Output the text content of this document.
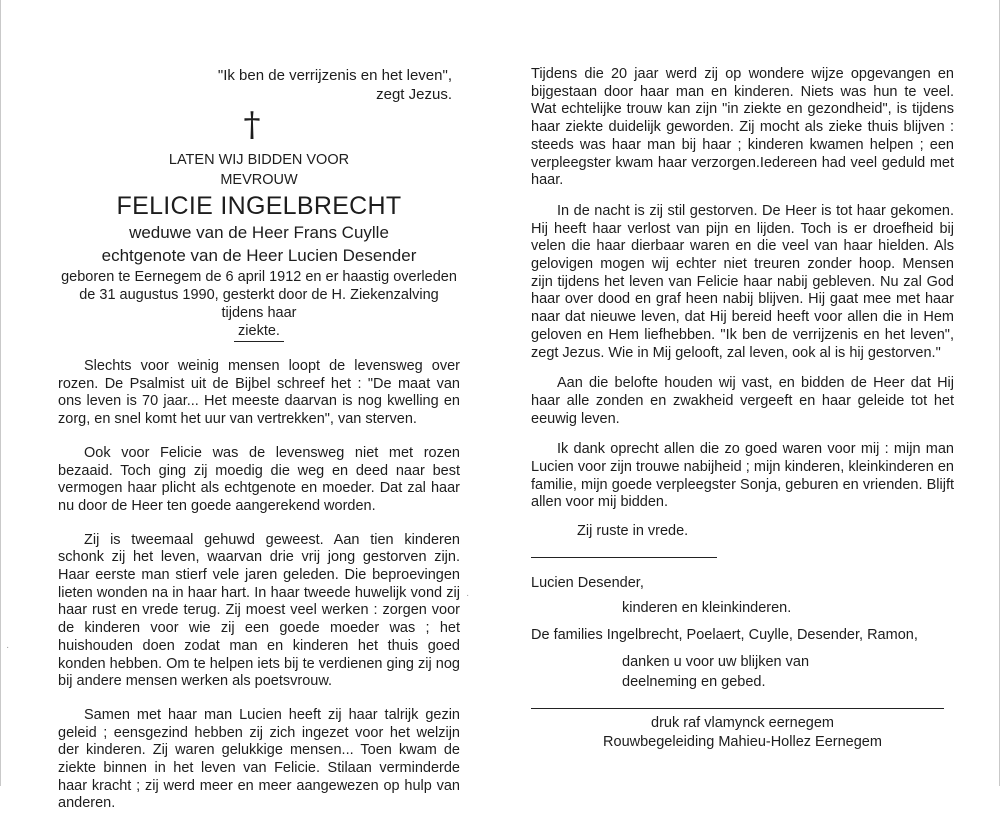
·
·
"Ik ben de verrijzenis en het leven",
zegt Jezus.
†
LATEN WIJ BIDDEN VOOR
MEVROUW
FELICIE INGELBRECHT
weduwe van de Heer Frans Cuylle
echtgenote van de Heer Lucien Desender
geboren te Eernegem de 6 april 1912 en er haastig overleden de 31 augustus 1990, gesterkt door de H. Ziekenzalving tijdens haar
ziekte.
Slechts voor weinig mensen loopt de levensweg over rozen. De Psalmist uit de Bijbel schreef het : "De maat van ons leven is 70 jaar... Het meeste daarvan is nog kwelling en zorg, en snel komt het uur van vertrekken", van sterven.
Ook voor Felicie was de levensweg niet met rozen bezaaid. Toch ging zij moedig die weg en deed naar best vermogen haar plicht als echtgenote en moeder. Dat zal haar nu door de Heer ten goede aangerekend worden.
Zij is tweemaal gehuwd geweest. Aan tien kinderen schonk zij het leven, waarvan drie vrij jong gestorven zijn. Haar eerste man stierf vele jaren geleden. Die beproevingen lieten wonden na in haar hart. In haar tweede huwelijk vond zij haar rust en vrede terug. Zij moest veel werken : zorgen voor de kinderen voor wie zij een goede moeder was ; het huishouden doen zodat man en kinderen het thuis goed konden hebben. Om te helpen iets bij te verdienen ging zij nog bij andere mensen werken als poetsvrouw.
Samen met haar man Lucien heeft zij haar talrijk gezin geleid ; eensgezind hebben zij zich ingezet voor het welzijn der kinderen. Zij waren gelukkige mensen... Toen kwam de ziekte binnen in het leven van Felicie. Stilaan verminderde haar kracht ; zij werd meer en meer aangewezen op hulp van anderen.
Tijdens die 20 jaar werd zij op wondere wijze opgevangen en bijgestaan door haar man en kinderen. Niets was hun te veel. Wat echtelijke trouw kan zijn "in ziekte en gezondheid", is tijdens haar ziekte duidelijk geworden. Zij mocht als zieke thuis blijven : steeds was haar man bij haar ; kinderen kwamen helpen ; een verpleegster kwam haar verzorgen.Iedereen had veel geduld met haar.
In de nacht is zij stil gestorven. De Heer is tot haar gekomen. Hij heeft haar verlost van pijn en lijden. Toch is er droefheid bij velen die haar dierbaar waren en die veel van haar hielden. Als gelovigen mogen wij echter niet treuren zonder hoop. Mensen zijn tijdens het leven van Felicie haar nabij gebleven. Nu zal God haar over dood en graf heen nabij blijven. Hij gaat mee met haar naar dat nieuwe leven, dat Hij bereid heeft voor allen die in Hem geloven en Hem liefhebben. "Ik ben de verrijzenis en het leven", zegt Jezus. Wie in Mij gelooft, zal leven, ook al is hij gestorven."
Aan die belofte houden wij vast, en bidden de Heer dat Hij haar alle zonden en zwakheid vergeeft en haar geleide tot het eeuwig leven.
Ik dank oprecht allen die zo goed waren voor mij : mijn man Lucien voor zijn trouwe nabijheid ; mijn kinderen, kleinkinderen en familie, mijn goede verpleegster Sonja, geburen en vrienden. Blijft allen voor mij bidden.
Zij ruste in vrede.
Lucien Desender,
kinderen en kleinkinderen.
De families Ingelbrecht, Poelaert, Cuylle, Desender, Ramon,
danken u voor uw blijken van
deelneming en gebed.
druk raf vlamynck eernegem
Rouwbegeleiding Mahieu-Hollez Eernegem
